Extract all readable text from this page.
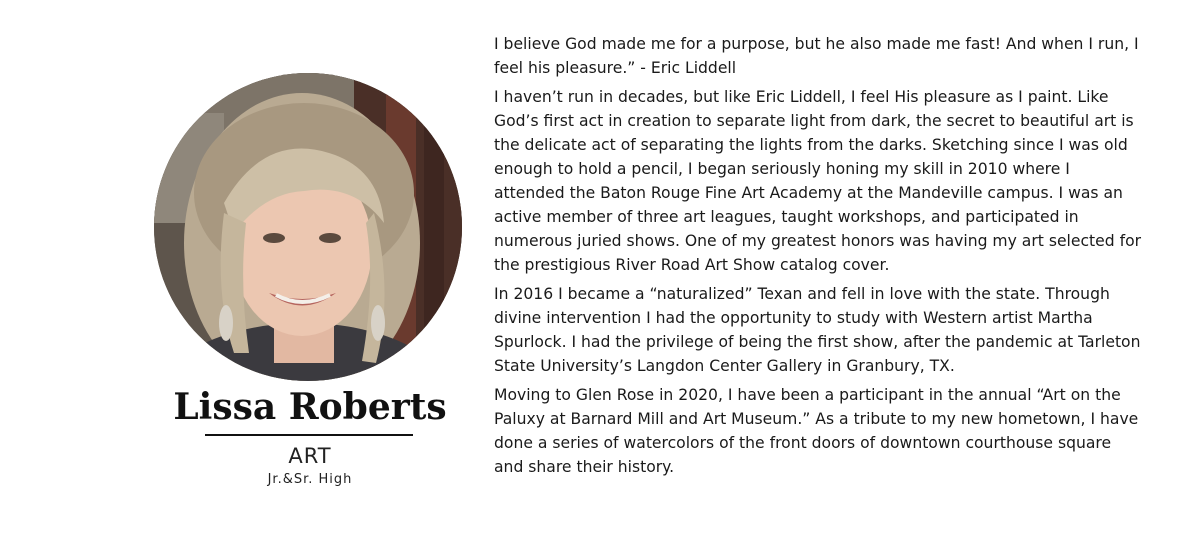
Lissa Roberts
ART
Jr.&Sr. High

I believe God made me for a purpose, but he also made me fast! And when I run, I feel his pleasure.” - Eric Liddell

I haven’t run in decades, but like Eric Liddell, I feel His pleasure as I paint. Like God’s first act in creation to separate light from dark, the secret to beautiful art is the delicate act of separating the lights from the darks. Sketching since I was old enough to hold a pencil, I began seriously honing my skill in 2010 where I attended the Baton Rouge Fine Art Academy at the Mandeville campus. I was an active member of three art leagues, taught workshops, and participated in numerous juried shows. One of my greatest honors was having my art selected for the prestigious River Road Art Show catalog cover.

In 2016 I became a “naturalized” Texan and fell in love with the state. Through divine intervention I had the opportunity to study with Western artist Martha Spurlock. I had the privilege of being the first show, after the pandemic at Tarleton State University’s Langdon Center Gallery in Granbury, TX.

Moving to Glen Rose in 2020, I have been a participant in the annual “Art on the Paluxy at Barnard Mill and Art Museum.” As a tribute to my new hometown, I have done a series of watercolors of the front doors of downtown courthouse square and share their history.
